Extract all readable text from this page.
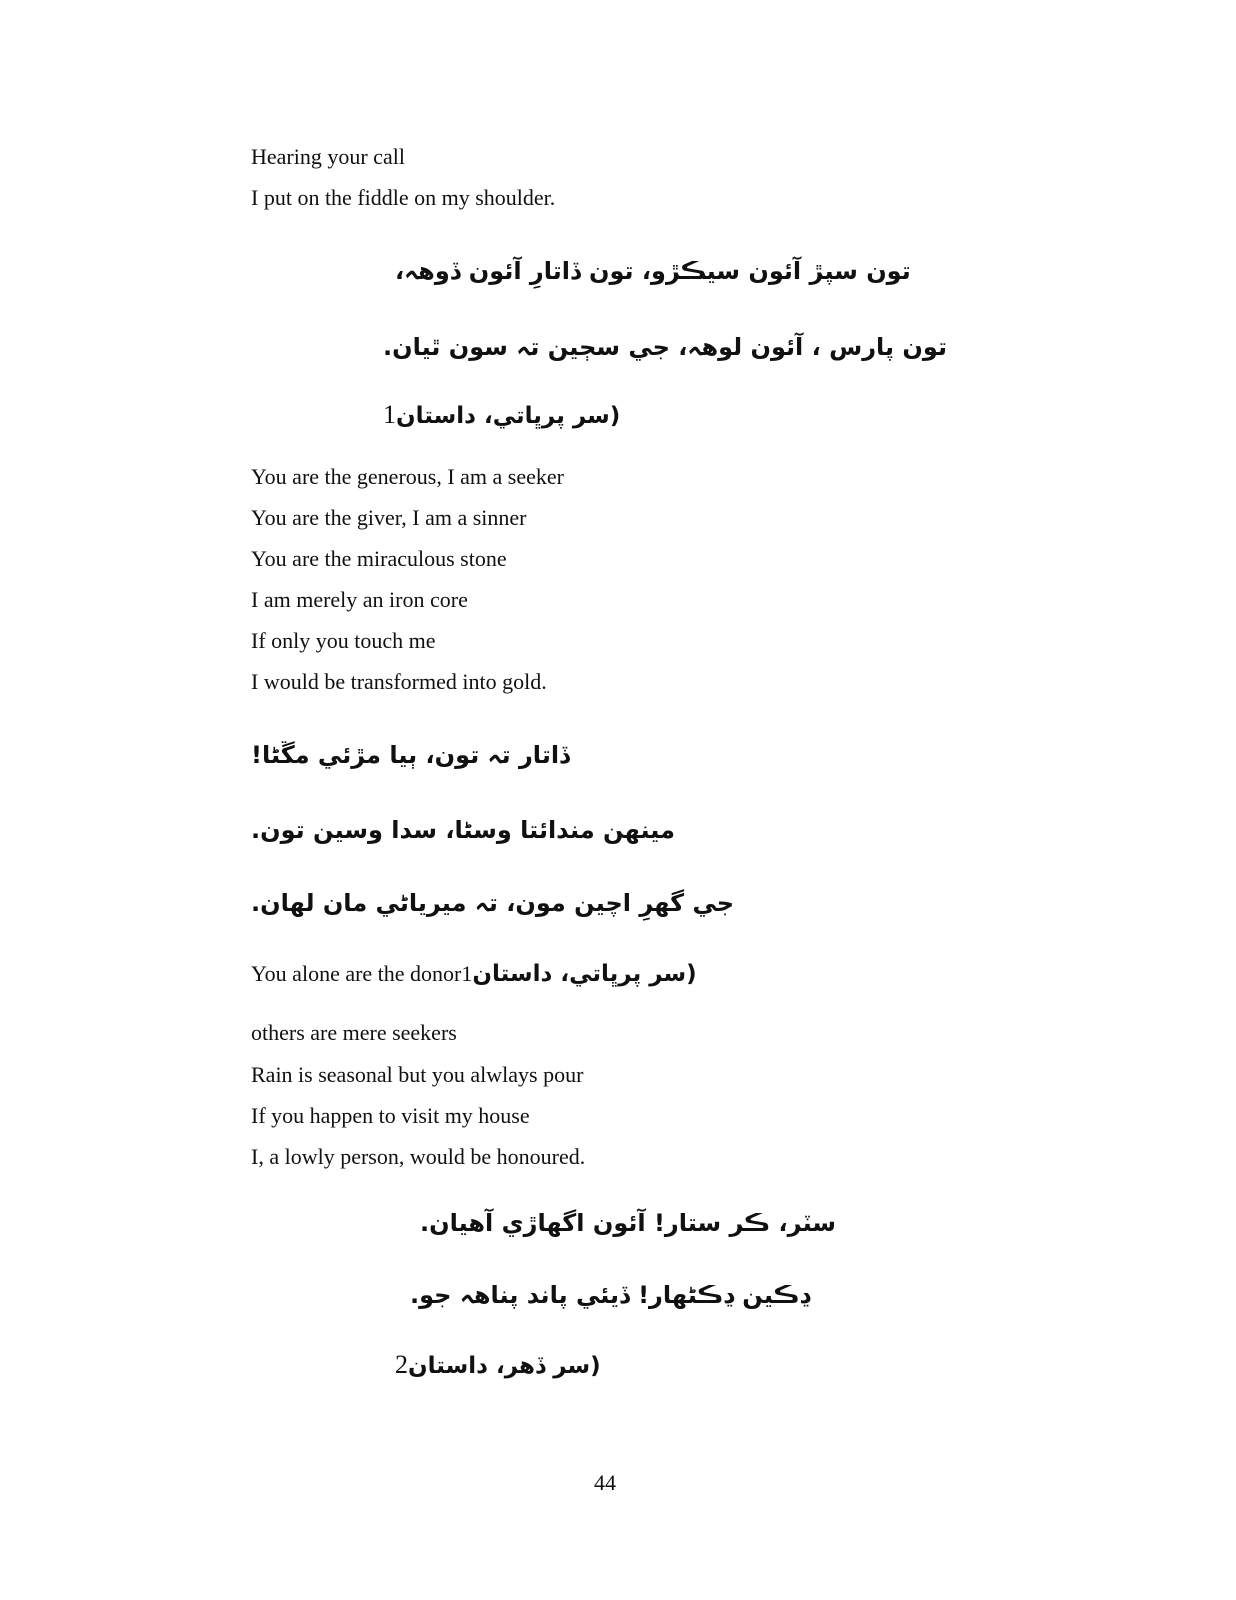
Hearing your call
I put on the fiddle on my shoulder.
تون سپڙ آئون سيڪڙو، تون ڏاتارِ آئون ڏوهہ،
تون پارس ، آئون لوهہ، جي سڄين تہ سون ٿيان.
1(سر پرڀاتي، داستان
You are the generous, I am a seeker
You are the giver, I am a sinner
You are the miraculous stone
I am merely an iron core
If only you touch me
I would be transformed into gold.
ڏاتار تہ تون، ٻيا مڙئي مڱڻا!
مينهن مندائتا وسڻا، سدا وسين تون.
جي گهرِ اچين مون، تہ ميرياڻي مان لهان.
You alone are the donor1(سر پرڀاتي، داستان
others are mere seekers
Rain is seasonal but you alwlays pour
If you happen to visit my house
I, a lowly person, would be honoured.
سٽر، ڪر ستار! آئون اگهاڙي آهيان.
ڍڪين ڍڪڻهار! ڏيئي پاند پناهہ جو.
2(سر ڏهر، داستان
44
